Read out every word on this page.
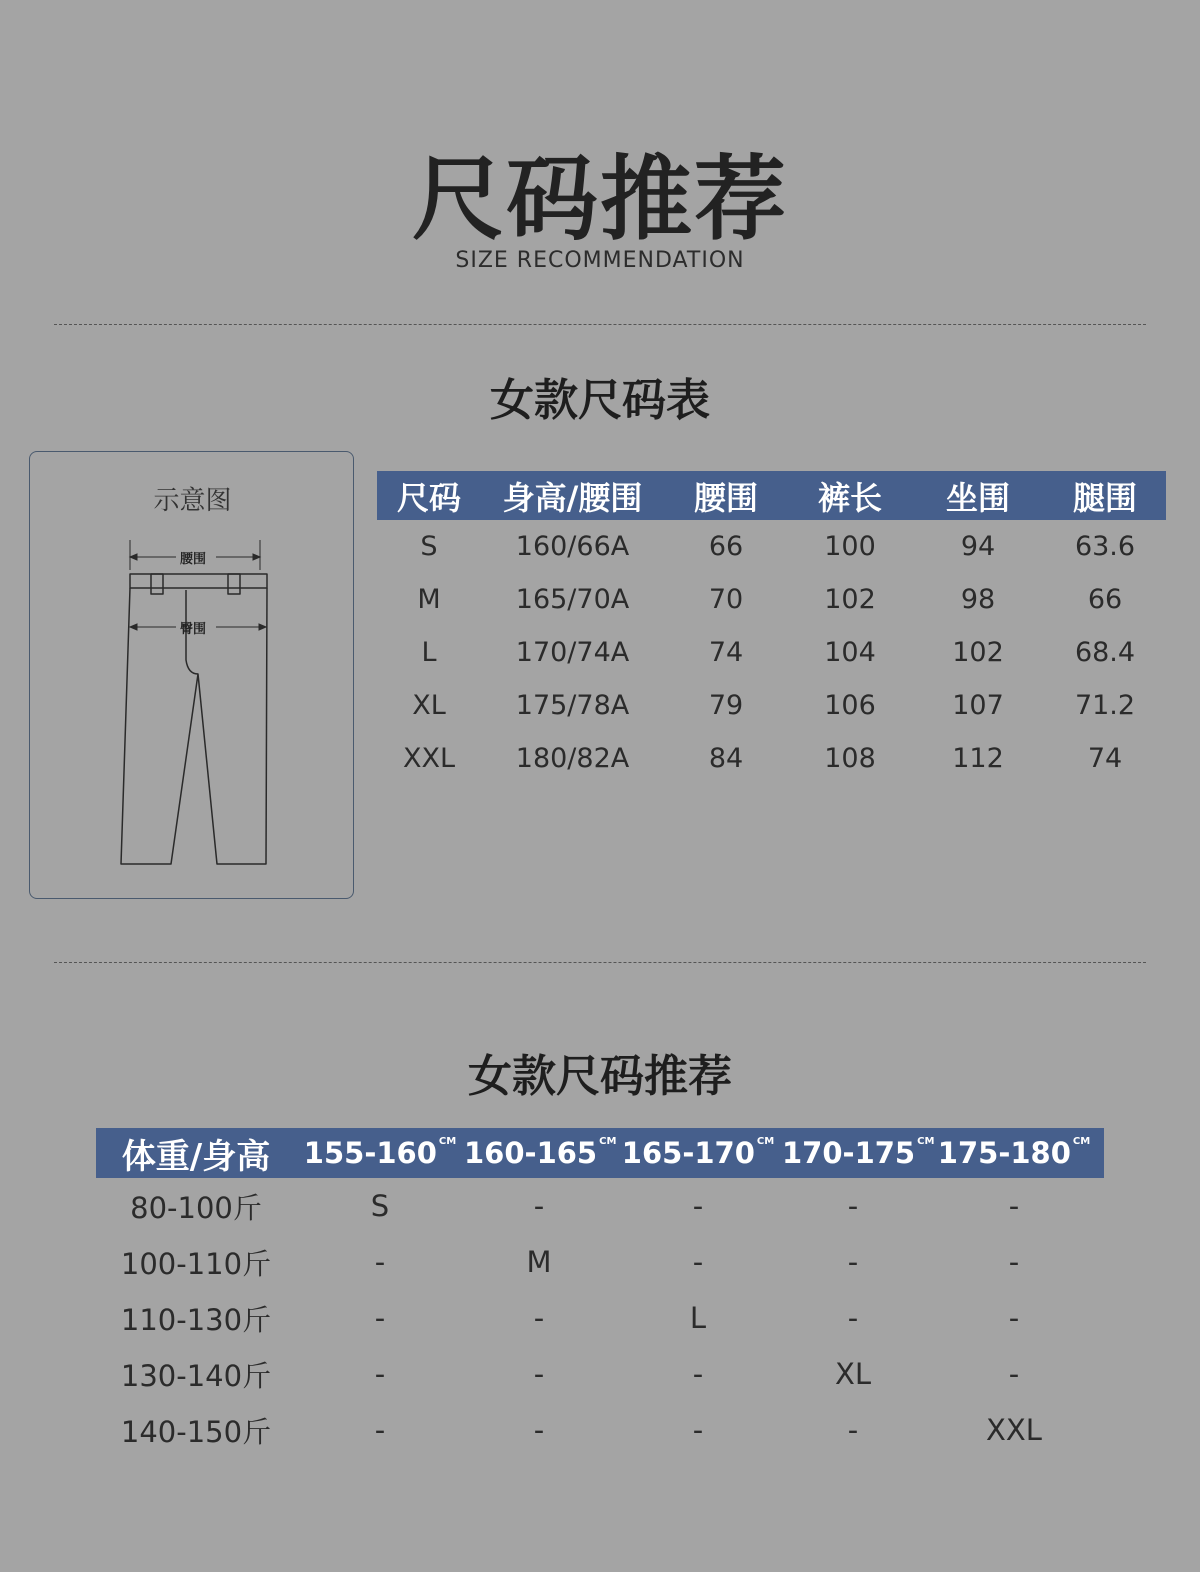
尺码推荐
SIZE RECOMMENDATION
女款尺码表
示意图
腰围
臀围
尺码	身高/腰围	腰围	裤长	坐围	腿围
S	160/66A	66	100	94	63.6
M	165/70A	70	102	98	66
L	170/74A	74	104	102	68.4
XL	175/78A	79	106	107	71.2
XXL	180/82A	84	108	112	74
女款尺码推荐
体重/身高	155-160 $^{CM}$	160-165 $^{CM}$	165-170 $^{CM}$	170-175 $^{CM}$	175-180 $^{CM}$
80-100斤	S	-	-	-	-
100-110斤	-	M	-	-	-
110-130斤	-	-	L	-	-
130-140斤	-	-	-	XL	-
140-150斤	-	-	-	-	XXL
